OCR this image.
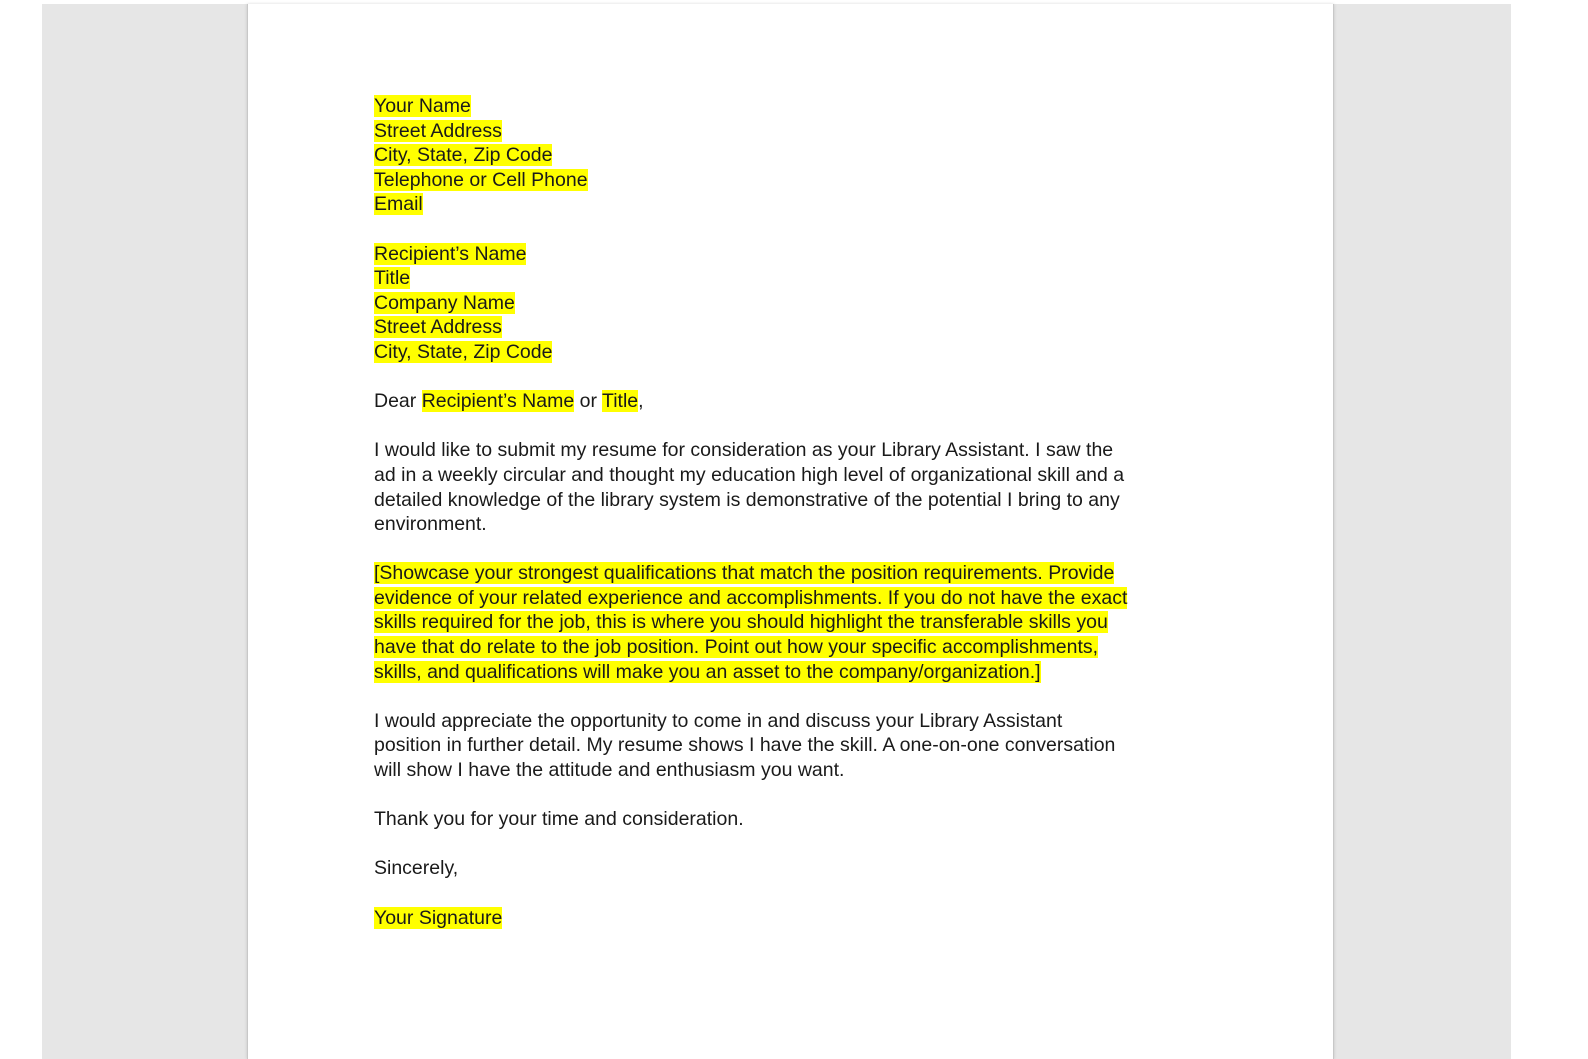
Your Name
Street Address
City, State, Zip Code
Telephone or Cell Phone
Email
Recipient’s Name
Title
Company Name
Street Address
City, State, Zip Code
Dear Recipient’s Name or Title,
I would like to submit my resume for consideration as your Library Assistant. I saw the
ad in a weekly circular and thought my education high level of organizational skill and a
detailed knowledge of the library system is demonstrative of the potential I bring to any
environment.
[Showcase your strongest qualifications that match the position requirements. Provide
evidence of your related experience and accomplishments. If you do not have the exact
skills required for the job, this is where you should highlight the transferable skills you
have that do relate to the job position. Point out how your specific accomplishments,
skills, and qualifications will make you an asset to the company/organization.]
I would appreciate the opportunity to come in and discuss your Library Assistant
position in further detail. My resume shows I have the skill. A one-on-one conversation
will show I have the attitude and enthusiasm you want.
Thank you for your time and consideration.
Sincerely,
Your Signature
